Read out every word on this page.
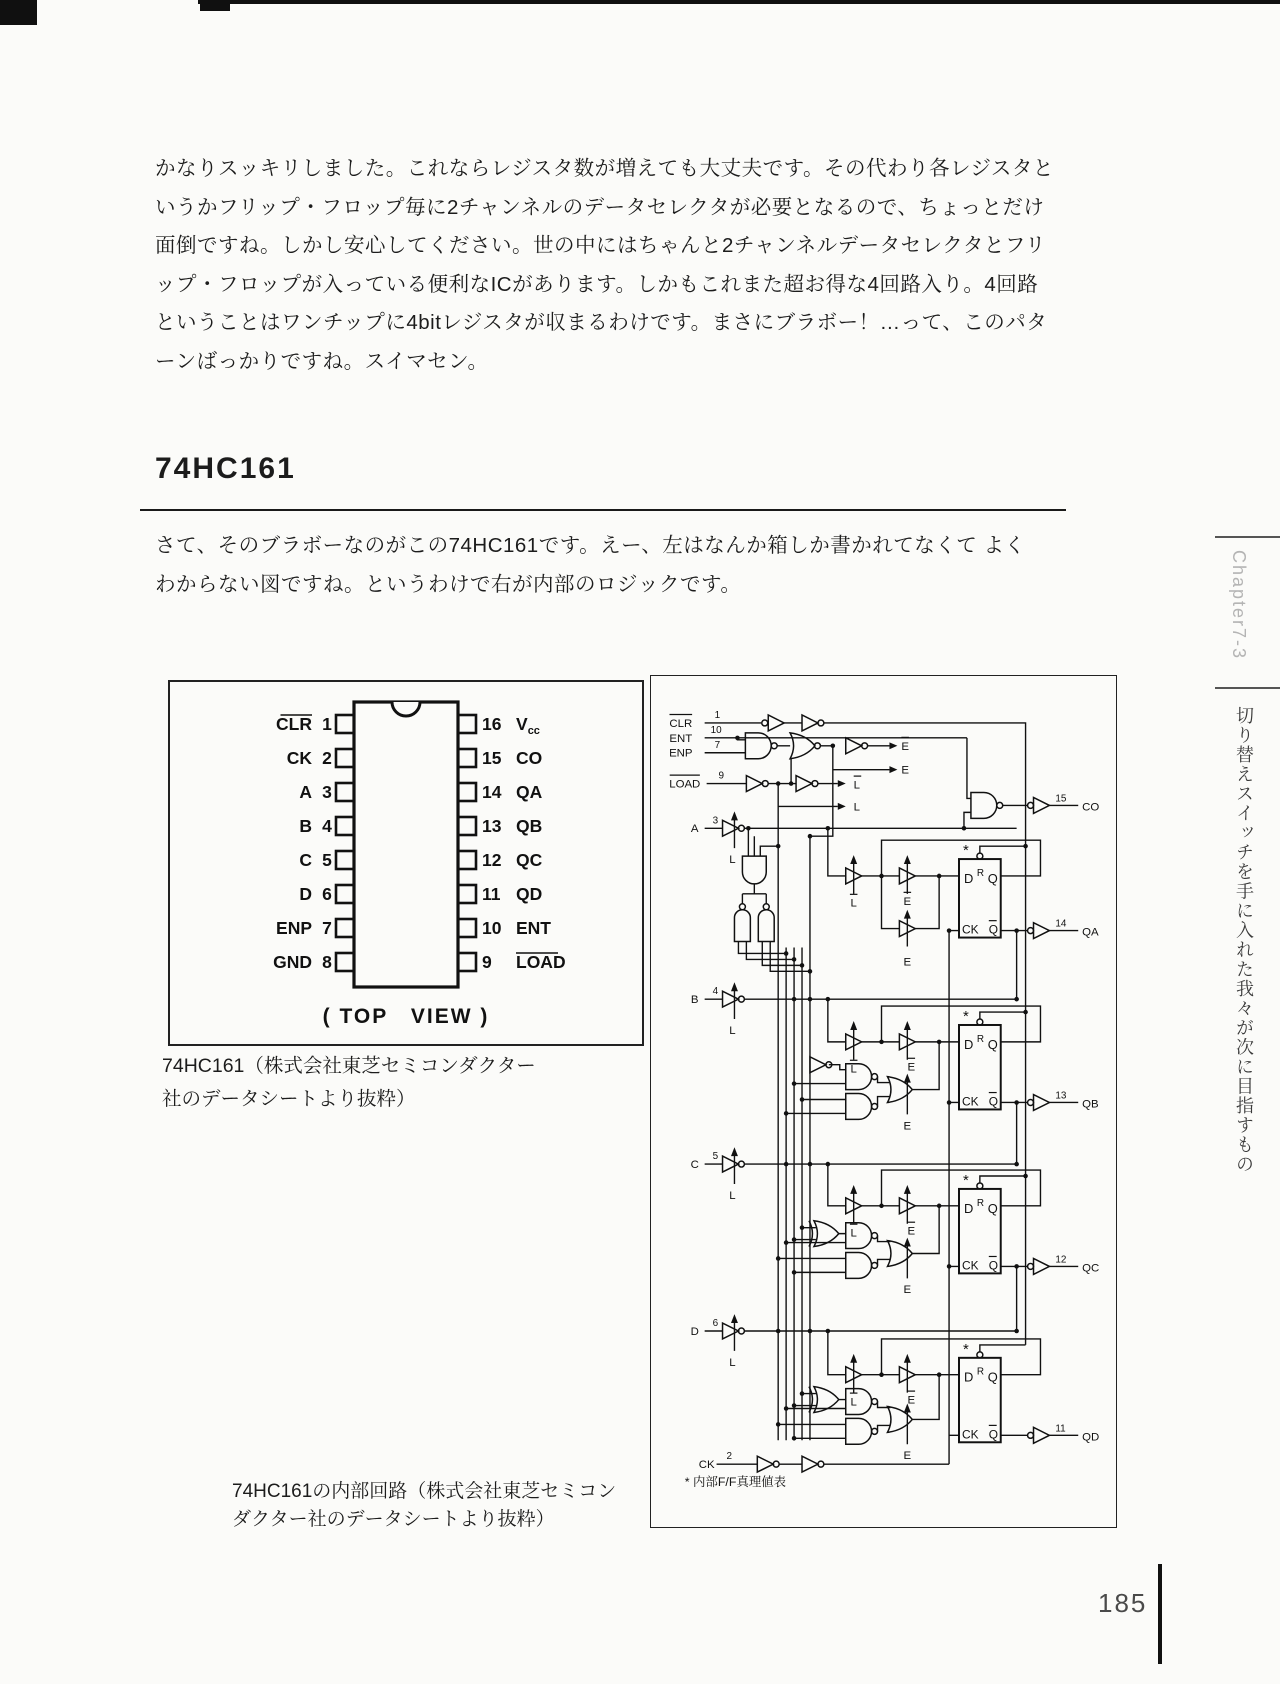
かなりスッキリしました。これならレジスタ数が増えても大丈夫です。その代わり各レジスタと
いうかフリップ・フロップ毎に2チャンネルのデータセレクタが必要となるので、ちょっとだけ
面倒ですね。しかし安心してください。世の中にはちゃんと2チャンネルデータセレクタとフリ
ップ・フロップが入っている便利なICがあります。しかもこれまた超お得な4回路入り。4回路
ということはワンチップに4bitレジスタが収まるわけです。まさにブラボー！…って、このパタ
ーンばっかりですね。スイマセン。
74HC161
さて、そのブラボーなのがこの74HC161です。えー、左はなんか箱しか書かれてなくて よく
わからない図ですね。というわけで右が内部のロジックです。
CLR 1
CK 2
A 3
B 4
C 5
D 6
ENP 7
GND 8
16 $V_{cc}$
15 CO
14 QA
13 QB
12 QC
11 QD
10 ENT
9 LOAD
( TOP　VIEW )
74HC161（株式会社東芝セミコンダクター
社のデータシートより抜粋）
CLR
1
ENT
10
ENP
7
LOAD
9
E
E
L
L
15
CO
A
3
L
L	E
E
*
14
QA
B
4
L
L	E
E
*
13
QB
C
5
L
L	E
E
*
12
QC
D
6
L
L	E
E
*
11
QD
CK
2
D R Q
CK Q
D R Q
CK Q
D R Q
CK Q
D R Q
CK Q
* 内部F/F真理値表
74HC161の内部回路（株式会社東芝セミコン
ダクター社のデータシートより抜粋）
Chapter7-3
切り替えスイッチを手に入れた我々が次に目指すもの
185
